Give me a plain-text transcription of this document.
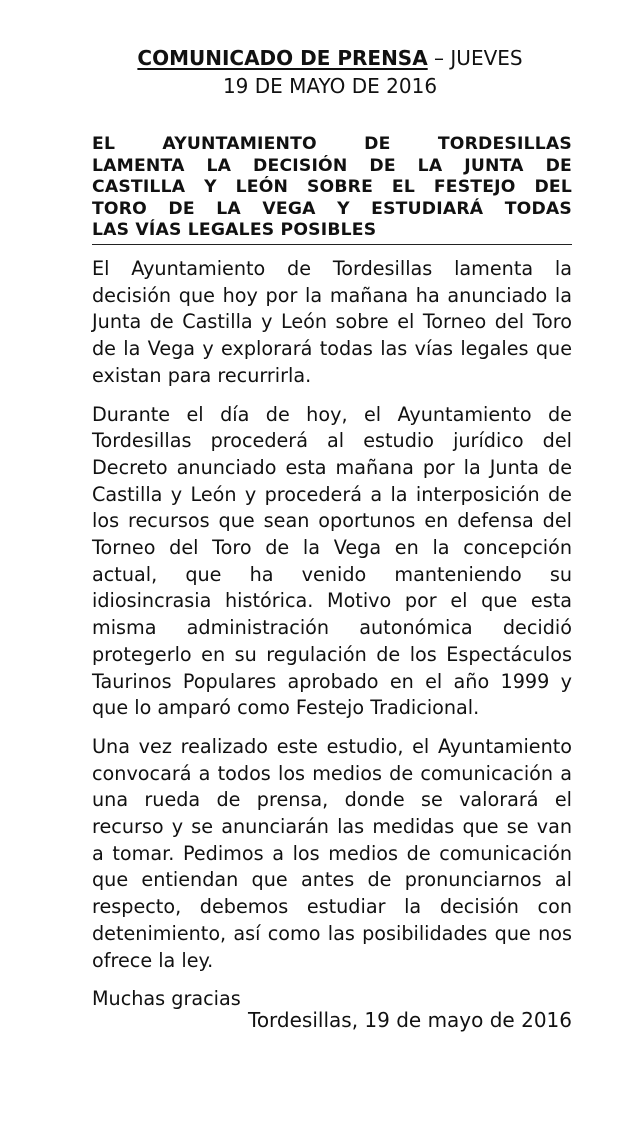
COMUNICADO DE PRENSA – JUEVES
19 DE MAYO DE 2016
EL AYUNTAMIENTO DE TORDESILLAS
LAMENTA LA DECISIÓN DE LA JUNTA DE
CASTILLA Y LEÓN SOBRE EL FESTEJO DEL
TORO DE LA VEGA Y ESTUDIARÁ TODAS
LAS VÍAS LEGALES POSIBLES

El Ayuntamiento de Tordesillas lamenta la decisión que hoy por la mañana ha anunciado la Junta de Castilla y León sobre el Torneo del Toro de la Vega y explorará todas las vías legales que existan para recurrirla.

Durante el día de hoy, el Ayuntamiento de Tordesillas procederá al estudio jurídico del Decreto anunciado esta mañana por la Junta de Castilla y León y procederá a la interposición de los recursos que sean oportunos en defensa del Torneo del Toro de la Vega en la concepción actual, que ha venido manteniendo su idiosincrasia histórica. Motivo por el que esta misma administración autonómica decidió protegerlo en su regulación de los Espectáculos Taurinos Populares aprobado en el año 1999 y que lo amparó como Festejo Tradicional.

Una vez realizado este estudio, el Ayuntamiento convocará a todos los medios de comunicación a una rueda de prensa, donde se valorará el recurso y se anunciarán las medidas que se van a tomar. Pedimos a los medios de comunicación que entiendan que antes de pronunciarnos al respecto, debemos estudiar la decisión con detenimiento, así como las posibilidades que nos ofrece la ley.

Muchas gracias

Tordesillas, 19 de mayo de 2016
